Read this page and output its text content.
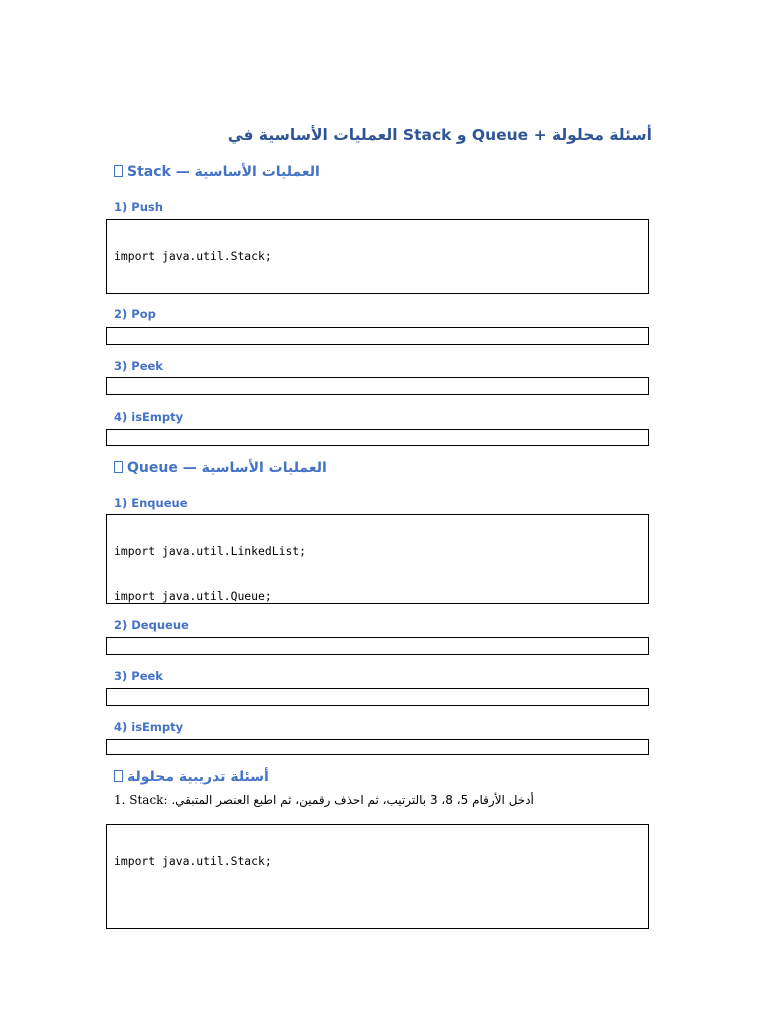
أسئلة محلولة + Queue و Stack العمليات الأساسية في
Stack — العمليات الأساسية
1) Push

import java.util.Stack;

2) Pop

3) Peek

4) isEmpty

Queue — العمليات الأساسية
1) Enqueue

import java.util.LinkedList;

import java.util.Queue;

2) Dequeue

3) Peek

4) isEmpty

أسئلة تدريبية محلولة
1. Stack: أدخل الأرقام 5، 8، 3 بالترتيب، ثم احذف رقمين، ثم اطبع العنصر المتبقي.

import java.util.Stack;
